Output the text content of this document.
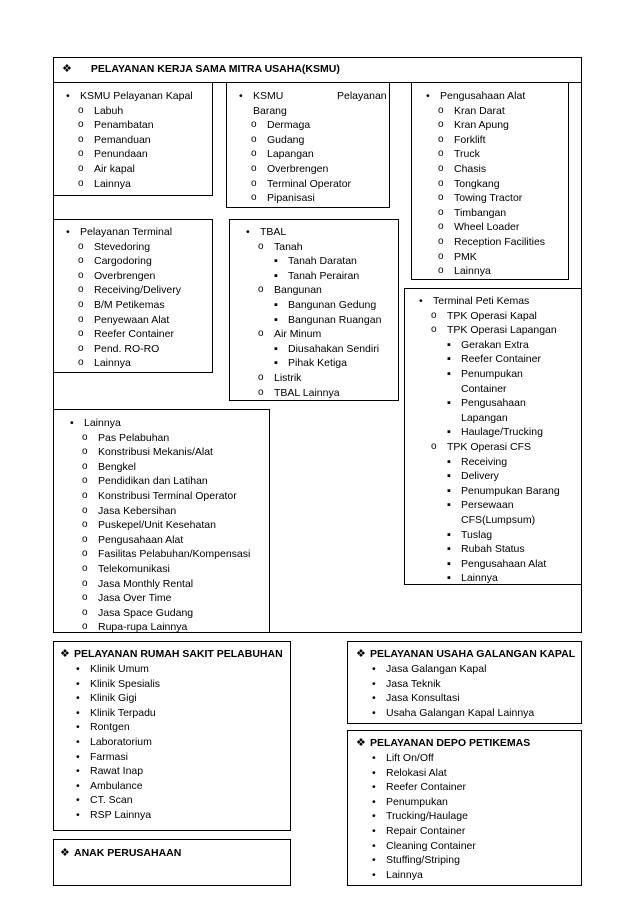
❖ PELAYANAN KERJA SAMA MITRA USAHA(KSMU)
• KSMU Pelayanan Kapal
o Labuh
o Penambatan
o Pemanduan
o Penundaan
o Air kapal
o Lainnya
• KSMU	Pelayanan
Barang
o Dermaga
o Gudang
o Lapangan
o Overbrengen
o Terminal Operator
o Pipanisasi
• Pengusahaan Alat
o Kran Darat
o Kran Apung
o Forklift
o Truck
o Chasis
o Tongkang
o Towing Tractor
o Timbangan
o Wheel Loader
o Reception Facilities
o PMK
o Lainnya
• Pelayanan Terminal
o Stevedoring
o Cargodoring
o Overbrengen
o Receiving/Delivery
o B/M Petikemas
o Penyewaan Alat
o Reefer Container
o Pend. RO-RO
o Lainnya
• TBAL
o Tanah
▪ Tanah Daratan
▪ Tanah Perairan
o Bangunan
▪ Bangunan Gedung
▪ Bangunan Ruangan
o Air Minum
▪ Diusahakan Sendiri
▪ Pihak Ketiga
o Listrik
o TBAL Lainnya
• Terminal Peti Kemas
o TPK Operasi Kapal
o TPK Operasi Lapangan
▪ Gerakan Extra
▪ Reefer Container
▪ Penumpukan Container
▪ Pengusahaan Lapangan
▪ Haulage/Trucking
o TPK Operasi CFS
▪ Receiving
▪ Delivery
▪ Penumpukan Barang
▪ Persewaan CFS(Lumpsum)
▪ Tuslag
▪ Rubah Status
▪ Pengusahaan Alat
▪ Lainnya
• Lainnya
o Pas Pelabuhan
o Konstribusi Mekanis/Alat
o Bengkel
o Pendidikan dan Latihan
o Konstribusi Terminal Operator
o Jasa Kebersihan
o Puskepel/Unit Kesehatan
o Pengusahaan Alat
o Fasilitas Pelabuhan/Kompensasi
o Telekomunikasi
o Jasa Monthly Rental
o Jasa Over Time
o Jasa Space Gudang
o Rupa-rupa Lainnya
❖ PELAYANAN RUMAH SAKIT PELABUHAN
• Klinik Umum
• Klinik Spesialis
• Klinik Gigi
• Klinik Terpadu
• Rontgen
• Laboratorium
• Farmasi
• Rawat Inap
• Ambulance
• CT. Scan
• RSP Lainnya
❖ PELAYANAN USAHA GALANGAN KAPAL
• Jasa Galangan Kapal
• Jasa Teknik
• Jasa Konsultasi
• Usaha Galangan Kapal Lainnya
❖ PELAYANAN DEPO PETIKEMAS
• Lift On/Off
• Relokasi Alat
• Reefer Container
• Penumpukan
• Trucking/Haulage
• Repair Container
• Cleaning Container
• Stuffing/Striping
• Lainnya
❖ ANAK PERUSAHAAN
